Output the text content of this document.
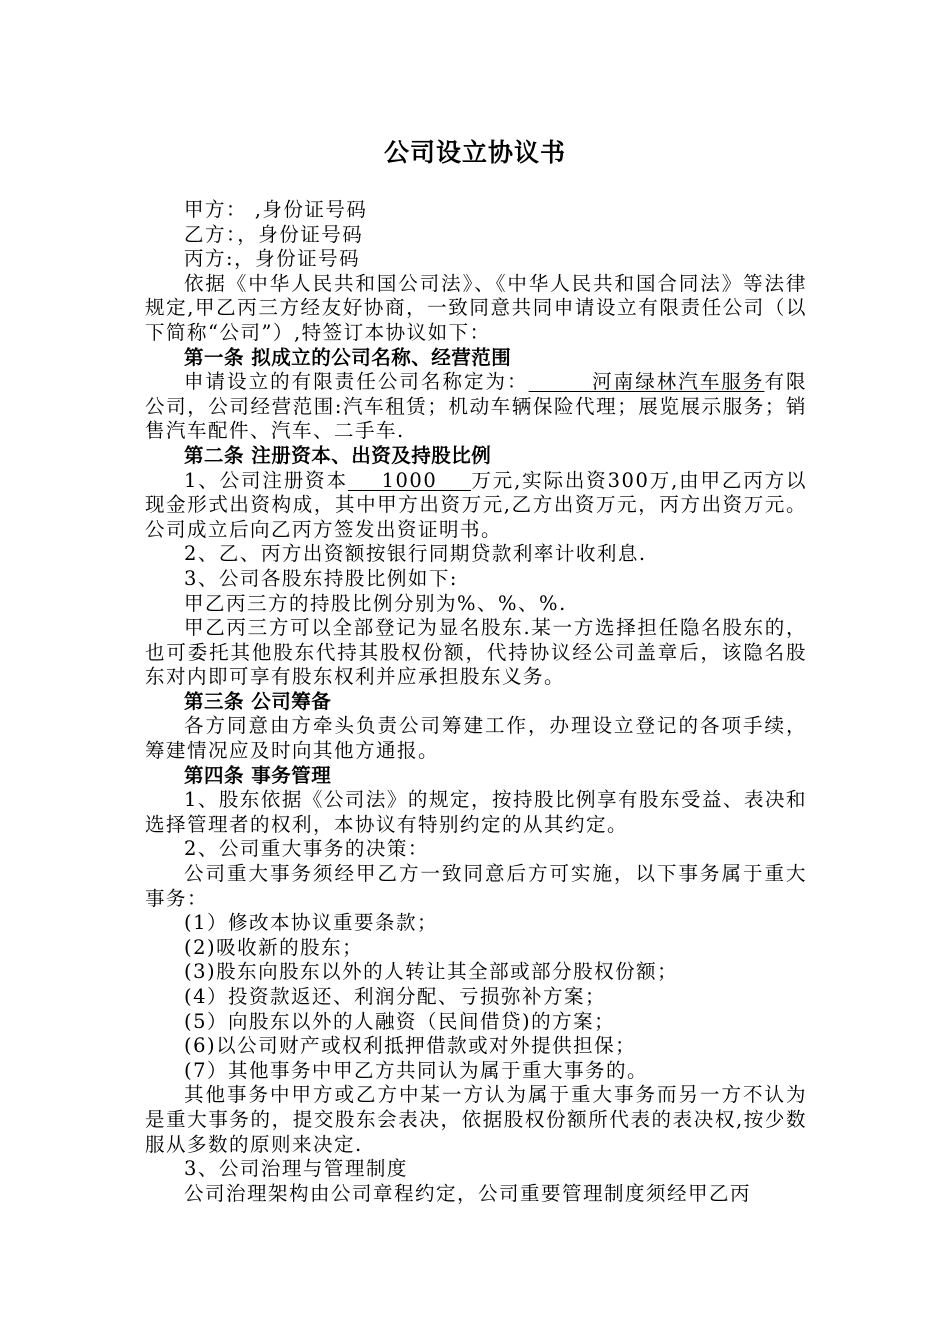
公司设立协议书

甲方： ,身份证号码

乙方：，身份证号码

丙方:，身份证号码

依据《中华人民共和国公司法》、《中华人民共和国合同法》等法律规定,甲乙丙三方经友好协商，一致同意共同申请设立有限责任公司（以下简称“公司”）,特签订本协议如下：

第一条 拟成立的公司名称、经营范围

申请设立的有限责任公司名称定为：   	河南绿林汽车服务有限公司，公司经营范围:汽车租赁；机动车辆保险代理；展览展示服务；销售汽车配件、汽车、二手车.

第二条 注册资本、出资及持股比例

1、公司注册资本    1000    万元,实际出资300万,由甲乙丙方以现金形式出资构成，其中甲方出资万元,乙方出资万元，丙方出资万元。公司成立后向乙丙方签发出资证明书。

2、乙、丙方出资额按银行同期贷款利率计收利息.

3、公司各股东持股比例如下:

甲乙丙三方的持股比例分别为%、%、%.

甲乙丙三方可以全部登记为显名股东.某一方选择担任隐名股东的，也可委托其他股东代持其股权份额，代持协议经公司盖章后，该隐名股东对内即可享有股东权利并应承担股东义务。

第三条 公司筹备

各方同意由方牵头负责公司筹建工作，办理设立登记的各项手续，筹建情况应及时向其他方通报。

第四条 事务管理

1、股东依据《公司法》的规定，按持股比例享有股东受益、表决和选择管理者的权利，本协议有特别约定的从其约定。

2、公司重大事务的决策：

公司重大事务须经甲乙方一致同意后方可实施，以下事务属于重大事务：

(1）修改本协议重要条款；

(2)吸收新的股东；

(3)股东向股东以外的人转让其全部或部分股权份额；

(4）投资款返还、利润分配、亏损弥补方案；

(5）向股东以外的人融资（民间借贷)的方案；

(6)以公司财产或权利抵押借款或对外提供担保；

(7）其他事务中甲乙方共同认为属于重大事务的。

其他事务中甲方或乙方中某一方认为属于重大事务而另一方不认为是重大事务的，提交股东会表决，依据股权份额所代表的表决权,按少数服从多数的原则来决定.

3、公司治理与管理制度

公司治理架构由公司章程约定，公司重要管理制度须经甲乙丙
